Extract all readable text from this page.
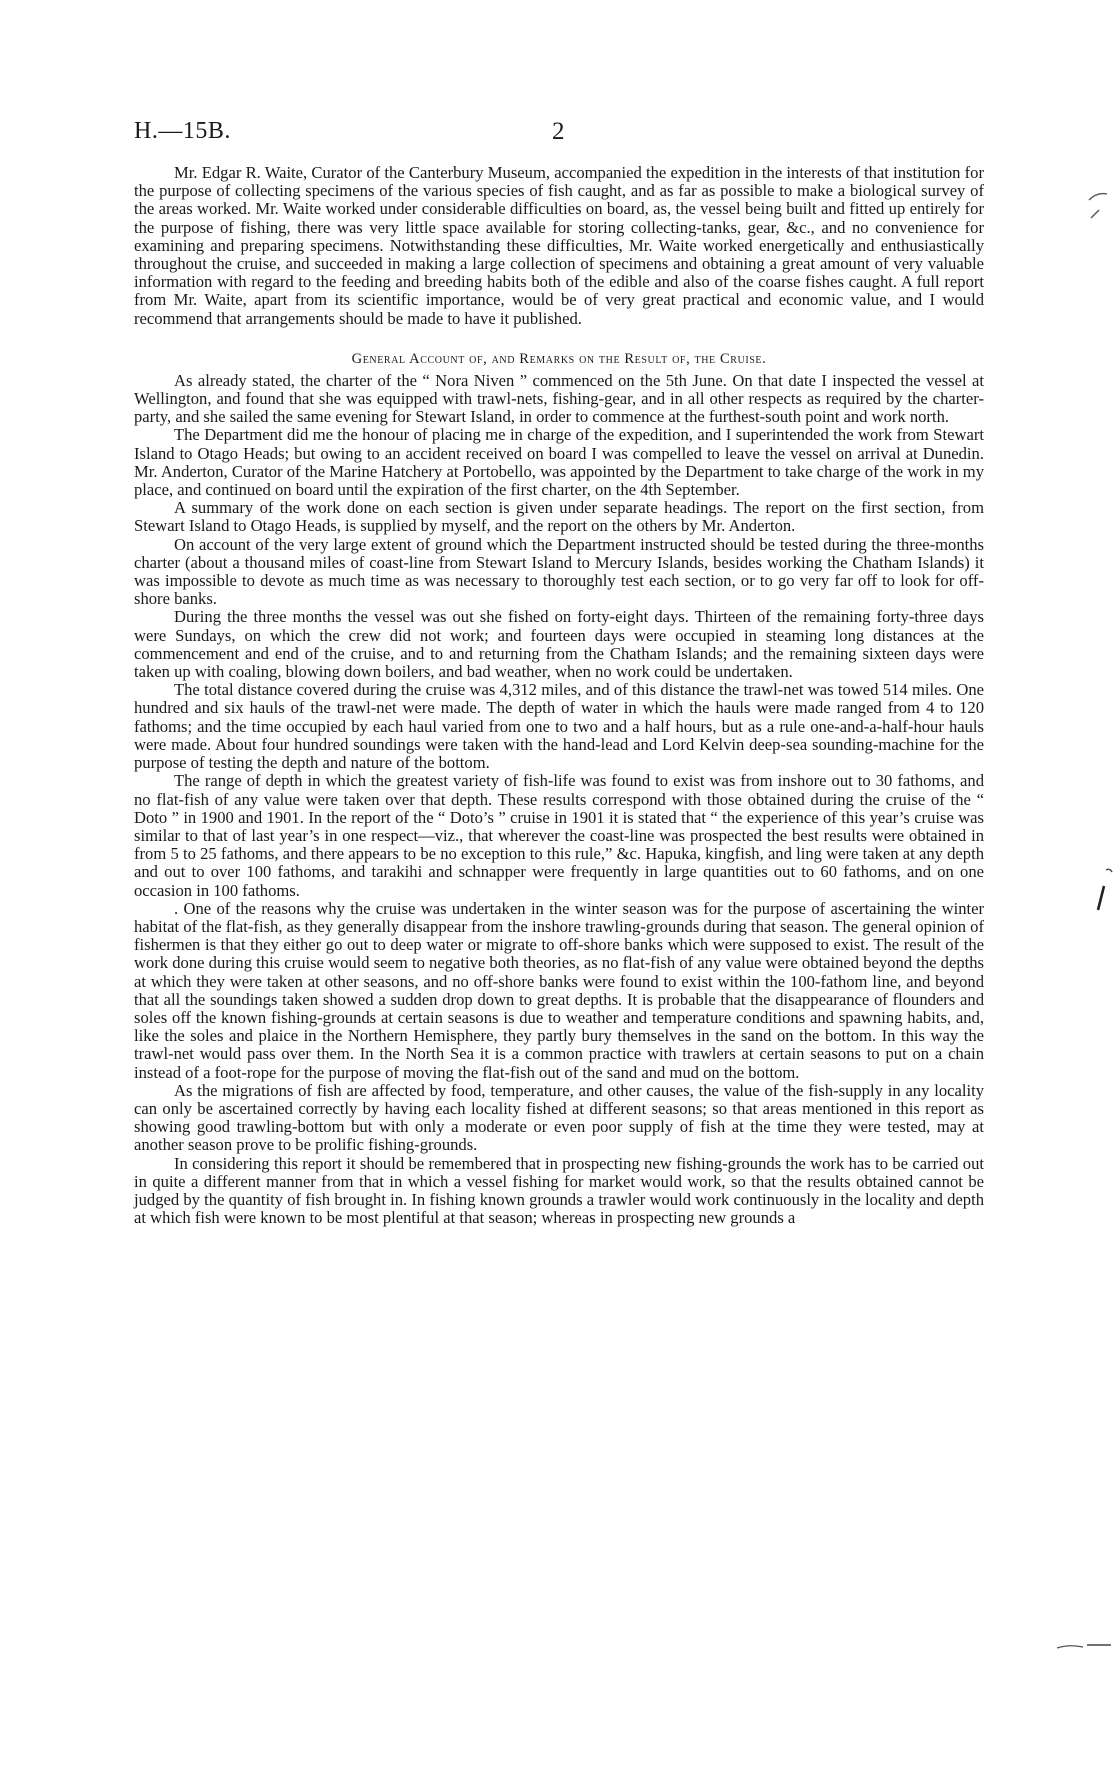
H.—15B.	2

Mr. Edgar R. Waite, Curator of the Canterbury Museum, accompanied the expedition in the interests of that institution for the purpose of collecting specimens of the various species of fish caught, and as far as possible to make a biological survey of the areas worked. Mr. Waite worked under considerable difficulties on board, as, the vessel being built and fitted up entirely for the purpose of fishing, there was very little space available for storing collecting-tanks, gear, &c., and no convenience for examining and preparing specimens. Notwithstanding these difficulties, Mr. Waite worked energetically and enthusiastically throughout the cruise, and succeeded in making a large collection of specimens and obtaining a great amount of very valuable information with regard to the feeding and breeding habits both of the edible and also of the coarse fishes caught. A full report from Mr. Waite, apart from its scientific importance, would be of very great practical and economic value, and I would recommend that arrangements should be made to have it published.

General Account of, and Remarks on the Result of, the Cruise.

As already stated, the charter of the “ Nora Niven ” commenced on the 5th June. On that date I inspected the vessel at Wellington, and found that she was equipped with trawl-nets, fishing-gear, and in all other respects as required by the charter-party, and she sailed the same evening for Stewart Island, in order to commence at the furthest-south point and work north.

The Department did me the honour of placing me in charge of the expedition, and I superintended the work from Stewart Island to Otago Heads; but owing to an accident received on board I was compelled to leave the vessel on arrival at Dunedin. Mr. Anderton, Curator of the Marine Hatchery at Portobello, was appointed by the Department to take charge of the work in my place, and continued on board until the expiration of the first charter, on the 4th September.

A summary of the work done on each section is given under separate headings. The report on the first section, from Stewart Island to Otago Heads, is supplied by myself, and the report on the others by Mr. Anderton.

On account of the very large extent of ground which the Department instructed should be tested during the three-months charter (about a thousand miles of coast-line from Stewart Island to Mercury Islands, besides working the Chatham Islands) it was impossible to devote as much time as was necessary to thoroughly test each section, or to go very far off to look for off-shore banks.

During the three months the vessel was out she fished on forty-eight days. Thirteen of the remaining forty-three days were Sundays, on which the crew did not work; and fourteen days were occupied in steaming long distances at the commencement and end of the cruise, and to and returning from the Chatham Islands; and the remaining sixteen days were taken up with coaling, blowing down boilers, and bad weather, when no work could be undertaken.

The total distance covered during the cruise was 4,312 miles, and of this distance the trawl-net was towed 514 miles. One hundred and six hauls of the trawl-net were made. The depth of water in which the hauls were made ranged from 4 to 120 fathoms; and the time occupied by each haul varied from one to two and a half hours, but as a rule one-and-a-half-hour hauls were made. About four hundred soundings were taken with the hand-lead and Lord Kelvin deep-sea sounding-machine for the purpose of testing the depth and nature of the bottom.

The range of depth in which the greatest variety of fish-life was found to exist was from inshore out to 30 fathoms, and no flat-fish of any value were taken over that depth. These results correspond with those obtained during the cruise of the “ Doto ” in 1900 and 1901. In the report of the “ Doto’s ” cruise in 1901 it is stated that “ the experience of this year’s cruise was similar to that of last year’s in one respect—viz., that wherever the coast-line was prospected the best results were obtained in from 5 to 25 fathoms, and there appears to be no exception to this rule,” &c. Hapuka, kingfish, and ling were taken at any depth and out to over 100 fathoms, and tarakihi and schnapper were frequently in large quantities out to 60 fathoms, and on one occasion in 100 fathoms.

. One of the reasons why the cruise was undertaken in the winter season was for the purpose of ascertaining the winter habitat of the flat-fish, as they generally disappear from the inshore trawling-grounds during that season. The general opinion of fishermen is that they either go out to deep water or migrate to off-shore banks which were supposed to exist. The result of the work done during this cruise would seem to negative both theories, as no flat-fish of any value were obtained beyond the depths at which they were taken at other seasons, and no off-shore banks were found to exist within the 100-fathom line, and beyond that all the soundings taken showed a sudden drop down to great depths. It is probable that the disappearance of flounders and soles off the known fishing-grounds at certain seasons is due to weather and temperature conditions and spawning habits, and, like the soles and plaice in the Northern Hemisphere, they partly bury themselves in the sand on the bottom. In this way the trawl-net would pass over them. In the North Sea it is a common practice with trawlers at certain seasons to put on a chain instead of a foot-rope for the purpose of moving the flat-fish out of the sand and mud on the bottom.

As the migrations of fish are affected by food, temperature, and other causes, the value of the fish-supply in any locality can only be ascertained correctly by having each locality fished at different seasons; so that areas mentioned in this report as showing good trawling-bottom but with only a moderate or even poor supply of fish at the time they were tested, may at another season prove to be prolific fishing-grounds.

In considering this report it should be remembered that in prospecting new fishing-grounds the work has to be carried out in quite a different manner from that in which a vessel fishing for market would work, so that the results obtained cannot be judged by the quantity of fish brought in. In fishing known grounds a trawler would work continuously in the locality and depth at which fish were known to be most plentiful at that season; whereas in prospecting new grounds a
